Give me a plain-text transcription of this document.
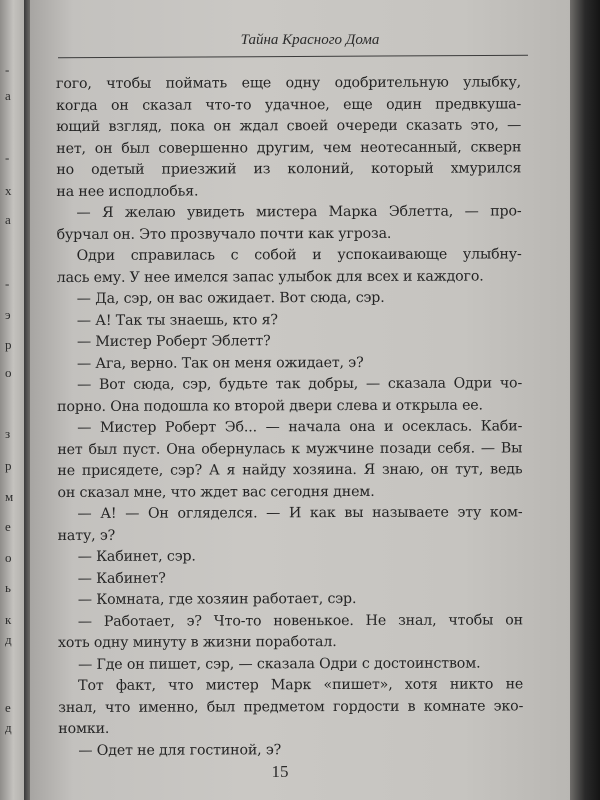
-
а
-
х
а
-
э
р
о
з
р
м
е
о
ь
к
д
е
д
Тайна Красного Дома
гого, чтобы поймать еще одну одобрительную улыбку,
когда он сказал что-то удачное, еще один предвкуша-
ющий взгляд, пока он ждал своей очереди сказать это, —
нет, он был совершенно другим, чем неотесанный, скверн
но одетый приезжий из колоний, который хмурился
на нее исподлобья.
— Я желаю увидеть мистера Марка Эблетта, — про-
бурчал он. Это прозвучало почти как угроза.
Одри справилась с собой и успокаивающе улыбну-
лась ему. У нее имелся запас улыбок для всех и каждого.
— Да, сэр, он вас ожидает. Вот сюда, сэр.
— А! Так ты знаешь, кто я?
— Мистер Роберт Эблетт?
— Ага, верно. Так он меня ожидает, э?
— Вот сюда, сэр, будьте так добры, — сказала Одри чо-
порно. Она подошла ко второй двери слева и открыла ее.
— Мистер Роберт Эб... — начала она и осеклась. Каби-
нет был пуст. Она обернулась к мужчине позади себя. — Вы
не присядете, сэр? А я найду хозяина. Я знаю, он тут, ведь
он сказал мне, что ждет вас сегодня днем.
— А! — Он огляделся. — И как вы называете эту ком-
нату, э?
— Кабинет, сэр.
— Кабинет?
— Комната, где хозяин работает, сэр.
— Работает, э? Что-то новенькое. Не знал, чтобы он
хоть одну минуту в жизни поработал.
— Где он пишет, сэр, — сказала Одри с достоинством.
Тот факт, что мистер Марк «пишет», хотя никто не
знал, что именно, был предметом гордости в комнате эко-
номки.
— Одет не для гостиной, э?
15
